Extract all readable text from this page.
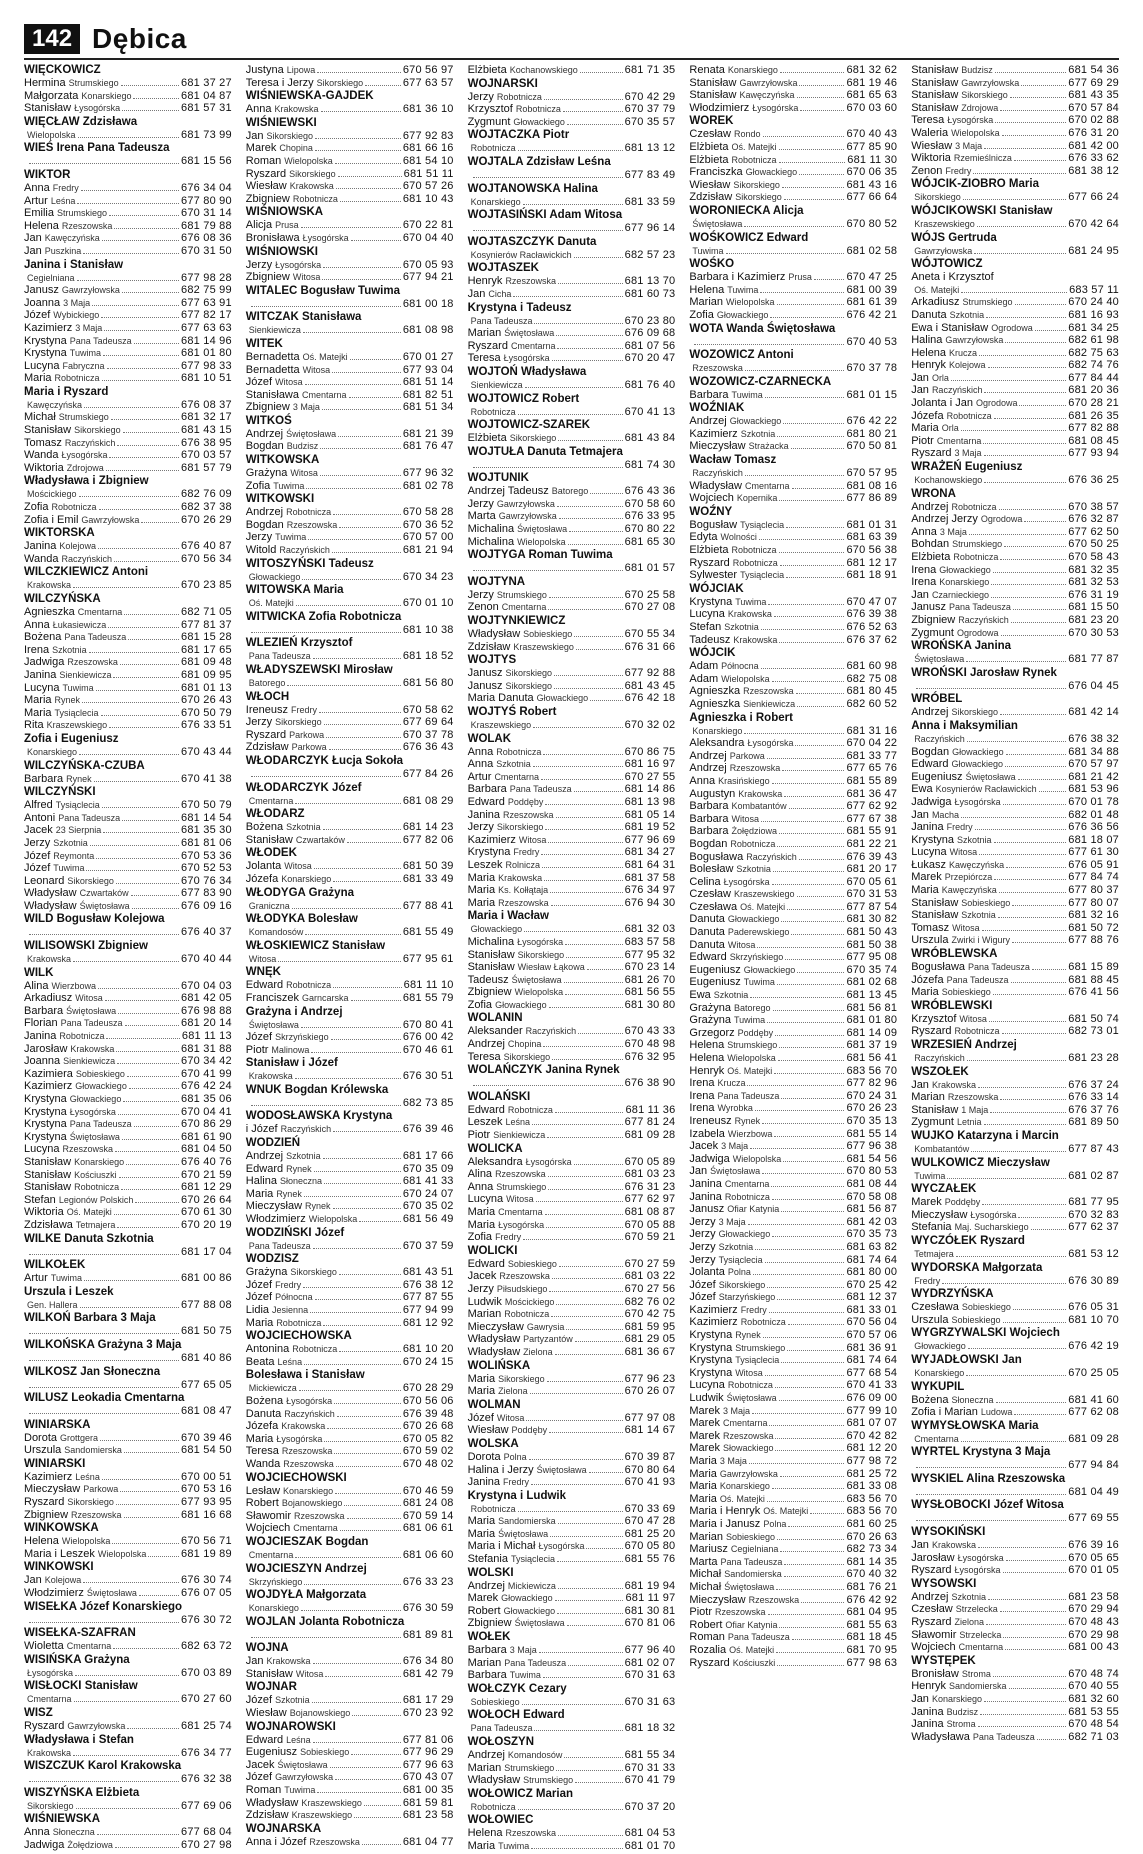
142 Dębica
WIĘCKOWICZ
Hermina Strumskiego	681 37 27
Małgorzata Konarskiego	681 04 87
Stanisław Łysogórska	681 57 31
WIĘCŁAW Zdzisława
Wielopolska	681 73 99
WIEŚ Irena Pana Tadeusza
681 15 56
WIKTOR
Anna Fredry	676 34 04
Artur Leśna	677 80 90
Emilia Strumskiego	670 31 14
Helena Rzeszowska	681 79 88
Jan Kawęczyńska	676 08 36
Jan Puszkina	670 31 50
Janina i Stanisław
Cegielniana	677 98 28
Janusz Gawrzyłowska	682 75 99
Joanna 3 Maja	677 63 91
Józef Wybickiego	677 82 17
Kazimierz 3 Maja	677 63 63
Krystyna Pana Tadeusza	681 14 96
Krystyna Tuwima	681 01 80
Lucyna Fabryczna	677 98 33
Maria Robotnicza	681 10 51
Maria i Ryszard
Kawęczyńska	676 08 37
Michał Strumskiego	681 32 17
Stanisław Sikorskiego	681 43 15
Tomasz Raczyńskich	676 38 95
Wanda Łysogórska	670 03 57
Wiktoria Zdrojowa	681 57 79
Władysława i Zbigniew
Mościckiego	682 76 09
Zofia Robotnicza	682 37 38
Zofia i Emil Gawrzyłowska	670 26 29
WIKTORSKA
Janina Kolejowa	676 40 87
Wanda Raczyńskich	670 56 34
WILCZKIEWICZ Antoni
Krakowska	670 23 85
WILCZYŃSKA
Agnieszka Cmentarna	682 71 05
Anna Łukasiewicza	677 81 37
Bożena Pana Tadeusza	681 15 28
Irena Szkotnia	681 17 65
Jadwiga Rzeszowska	681 09 48
Janina Sienkiewicza	681 09 95
Lucyna Tuwima	681 01 13
Maria Rynek	670 26 43
Maria Tysiąclecia	670 50 79
Rita Kraszewskiego	676 33 51
Zofia i Eugeniusz
Konarskiego	670 43 44
WILCZYŃSKA-CZUBA
Barbara Rynek	670 41 38
WILCZYŃSKI
Alfred Tysiąclecia	670 50 79
Antoni Pana Tadeusza	681 14 54
Jacek 23 Sierpnia	681 35 30
Jerzy Szkotnia	681 81 06
Józef Reymonta	670 53 36
Józef Tuwima	670 52 53
Leonard Sikorskiego	670 76 34
Władysław Czwartaków	677 83 90
Władysław Świętosława	676 09 16
WILD Bogusław Kolejowa
676 40 37
WILISOWSKI Zbigniew
Krakowska	670 40 44
WILK
Alina Wierzbowa	670 04 03
Arkadiusz Witosa	681 42 05
Barbara Świętosława	676 98 88
Florian Pana Tadeusza	681 20 14
Janina Robotnicza	681 11 13
Jarosław Krakowska	681 31 88
Joanna Sienkiewicza	670 34 42
Kazimiera Sobieskiego	670 41 99
Kazimierz Głowackiego	676 42 24
Krystyna Głowackiego	681 35 06
Krystyna Łysogórska	670 04 41
Krystyna Pana Tadeusza	670 86 29
Krystyna Świętosława	681 61 90
Lucyna Rzeszowska	681 04 50
Stanisław Konarskiego	676 40 76
Stanisław Kościuszki	670 21 59
Stanisław Robotnicza	681 12 29
Stefan Legionów Polskich	670 26 64
Wiktoria Oś. Matejki	670 61 30
Zdzisława Tetmajera	670 20 19
WILKE Danuta Szkotnia
681 17 04
WILKOŁEK
Artur Tuwima	681 00 86
Urszula i Leszek
Gen. Hallera	677 88 08
WILKOŃ Barbara 3 Maja
681 50 75
WILKOŃSKA Grażyna 3 Maja
681 40 86
WILKOSZ Jan Słoneczna
677 65 05
WILUSZ Leokadia Cmentarna
681 08 47
WINIARSKA
Dorota Grottgera	670 39 46
Urszula Sandomierska	681 54 50
WINIARSKI
Kazimierz Leśna	670 00 51
Mieczysław Parkowa	670 53 16
Ryszard Sikorskiego	677 93 95
Zbigniew Rzeszowska	681 16 68
WINKOWSKA
Helena Wielopolska	670 56 71
Maria i Leszek Wielopolska	681 19 89
WINKOWSKI
Jan Kolejowa	676 30 74
Włodzimierz Świętosława	676 07 05
WISEŁKA Józef Konarskiego
676 30 72
WISEŁKA-SZAFRAN
Wioletta Cmentarna	682 63 72
WISIŃSKA Grażyna
Łysogórska	670 03 89
WISŁOCKI Stanisław
Cmentarna	670 27 60
WISZ
Ryszard Gawrzyłowska	681 25 74
Władysława i Stefan
Krakowska	676 34 77
WISZCZUK Karol Krakowska
676 32 38
WISZYŃSKA Elżbieta
Sikorskiego	677 69 06
WIŚNIEWSKA
Anna Słoneczna	677 68 04
Jadwiga Żołędziowa	670 27 98
Justyna Lipowa	670 56 97
Teresa i Jerzy Sikorskiego	677 63 57
WIŚNIEWSKA-GAJDEK
Anna Krakowska	681 36 10
WIŚNIEWSKI
Jan Sikorskiego	677 92 83
Marek Chopina	681 66 16
Roman Wielopolska	681 54 10
Ryszard Sikorskiego	681 51 11
Wiesław Krakowska	670 57 26
Zbigniew Robotnicza	681 10 43
WIŚNIOWSKA
Alicja Prusa	670 22 81
Bronisława Łysogórska	670 04 40
WIŚNIOWSKI
Jerzy Łysogórska	670 05 93
Zbigniew Witosa	677 94 21
WITALEC Bogusław Tuwima
681 00 18
WITCZAK Stanisława
Sienkiewicza	681 08 98
WITEK
Bernadetta Oś. Matejki	670 01 27
Bernadetta Witosa	677 93 04
Józef Witosa	681 51 14
Stanisława Cmentarna	681 82 51
Zbigniew 3 Maja	681 51 34
WITKOŚ
Andrzej Świętosława	681 21 39
Bogdan Budzisz	681 76 47
WITKOWSKA
Grażyna Witosa	677 96 32
Zofia Tuwima	681 02 78
WITKOWSKI
Andrzej Robotnicza	670 58 28
Bogdan Rzeszowska	670 36 52
Jerzy Tuwima	670 57 00
Witold Raczyńskich	681 21 94
WITOSZYŃSKI Tadeusz
Głowackiego	670 34 23
WITOWSKA Maria
Oś. Matejki	670 01 10
WITWICKA Zofia Robotnicza
681 10 38
WLEZIEŃ Krzysztof
Pana Tadeusza	681 18 52
WŁADYSZEWSKI Mirosław
Batorego	681 56 80
WŁOCH
Ireneusz Fredry	670 58 62
Jerzy Sikorskiego	677 69 64
Ryszard Parkowa	670 37 78
Zdzisław Parkowa	676 36 43
WŁODARCZYK Łucja Sokoła
677 84 26
WŁODARCZYK Józef
Cmentarna	681 08 29
WŁODARZ
Bożena Szkotnia	681 14 23
Stanisław Czwartaków	677 82 06
WŁODEK
Jolanta Witosa	681 50 39
Józefa Konarskiego	681 33 49
WŁODYGA Grażyna
Graniczna	677 88 41
WŁODYKA Bolesław
Komandosów	681 55 49
WŁOSKIEWICZ Stanisław
Witosa	677 95 61
WNĘK
Edward Robotnicza	681 11 10
Franciszek Garncarska	681 55 79
Grażyna i Andrzej
Świętosława	670 80 41
Józef Skrzyńskiego	676 00 42
Piotr Malinowa	670 46 61
Stanisław i Józef
Krakowska	676 30 51
WNUK Bogdan Królewska
682 73 85
WODOSŁAWSKA Krystyna
i Józef Raczyńskich	676 39 46
WODZIEŃ
Andrzej Szkotnia	681 17 66
Edward Rynek	670 35 09
Halina Słoneczna	681 41 33
Maria Rynek	670 24 07
Mieczysław Rynek	670 35 02
Włodzimierz Wielopolska	681 56 49
WODZIŃSKI Józef
Pana Tadeusza	670 37 59
WODZISZ
Grażyna Sikorskiego	681 43 51
Józef Fredry	676 38 12
Józef Północna	677 87 55
Lidia Jesienna	677 94 99
Maria Robotnicza	681 12 92
WOJCIECHOWSKA
Antonina Robotnicza	681 10 20
Beata Leśna	670 24 15
Bolesława i Stanisław
Mickiewicza	670 28 29
Bożena Łysogórska	670 56 06
Danuta Raczyńskich	676 39 48
Józefa Krakowska	670 26 68
Maria Łysogórska	670 05 82
Teresa Rzeszowska	670 59 02
Wanda Rzeszowska	670 48 02
WOJCIECHOWSKI
Lesław Konarskiego	670 46 59
Robert Bojanowskiego	681 24 08
Sławomir Rzeszowska	670 59 14
Wojciech Cmentarna	681 06 61
WOJCIESZAK Bogdan
Cmentarna	681 06 60
WOJCIESZYN Andrzej
Skrzyńskiego	676 33 23
WOJDYŁA Małgorzata
Konarskiego	676 30 59
WOJLAN Jolanta Robotnicza
681 89 81
WOJNA
Jan Krakowska	676 34 80
Stanisław Witosa	681 42 79
WOJNAR
Józef Szkotnia	681 17 29
Wiesław Bojanowskiego	670 23 92
WOJNAROWSKI
Edward Leśna	677 81 06
Eugeniusz Sobieskiego	677 96 29
Jacek Świętosława	677 96 63
Józef Gawrzyłowska	670 43 07
Roman Tuwima	681 00 35
Władysław Kraszewskiego	681 59 81
Zdzisław Kraszewskiego	681 23 58
WOJNARSKA
Anna i Józef Rzeszowska	681 04 77
Elżbieta Kochanowskiego	681 71 35
WOJNARSKI
Jerzy Robotnicza	670 42 29
Krzysztof Robotnicza	670 37 79
Zygmunt Głowackiego	670 35 57
WOJTACZKA Piotr
Robotnicza	681 13 12
WOJTALA Zdzisław Leśna
677 83 49
WOJTANOWSKA Halina
Konarskiego	681 33 59
WOJTASIŃSKI Adam Witosa
677 96 14
WOJTASZCZYK Danuta
Kosynierów Racławickich	682 57 23
WOJTASZEK
Henryk Rzeszowska	681 13 70
Jan Cicha	681 60 73
Krystyna i Tadeusz
Pana Tadeusza	670 23 80
Marian Świętosława	676 09 68
Ryszard Cmentarna	681 07 56
Teresa Łysogórska	670 20 47
WOJTOŃ Władysława
Sienkiewicza	681 76 40
WOJTOWICZ Robert
Robotnicza	670 41 13
WOJTOWICZ-SZAREK
Elżbieta Sikorskiego	681 43 84
WOJTUŁA Danuta Tetmajera
681 74 30
WOJTUNIK
Andrzej Tadeusz Batorego	676 43 36
Jerzy Gawrzyłowska	670 58 60
Marta Gawrzyłowska	676 33 95
Michalina Świętosława	670 80 22
Michalina Wielopolska	681 65 30
WOJTYGA Roman Tuwima
681 01 57
WOJTYNA
Jerzy Strumskiego	670 25 58
Zenon Cmentarna	670 27 08
WOJTYNKIEWICZ
Władysław Sobieskiego	670 55 34
Zdzisław Kraszewskiego	676 31 66
WOJTYS
Janusz Sikorskiego	677 92 88
Janusz Sikorskiego	681 43 45
Maria Danuta Głowackiego	676 42 18
WOJTYŚ Robert
Kraszewskiego	670 32 02
WOLAK
Anna Robotnicza	670 86 75
Anna Szkotnia	681 16 97
Artur Cmentarna	670 27 55
Barbara Pana Tadeusza	681 14 86
Edward Poddęby	681 13 98
Janina Rzeszowska	681 05 14
Jerzy Sikorskiego	681 19 52
Kazimierz Witosa	677 96 69
Krystyna Fredry	681 34 27
Leszek Rolnicza	681 64 31
Maria Krakowska	681 37 58
Maria Ks. Kołłątaja	676 34 97
Maria Rzeszowska	676 94 30
Maria i Wacław
Głowackiego	681 32 03
Michalina Łysogórska	683 57 58
Stanisław Sikorskiego	677 95 32
Stanisław Wiesław Łąkowa	670 23 14
Tadeusz Świętosława	681 26 70
Zbigniew Wielopolska	681 56 55
Zofia Głowackiego	681 30 80
WOLANIN
Aleksander Raczyńskich	670 43 33
Andrzej Chopina	670 48 98
Teresa Sikorskiego	676 32 95
WOLAŃCZYK Janina Rynek
676 38 90
WOLAŃSKI
Edward Robotnicza	681 11 36
Leszek Leśna	677 81 24
Piotr Sienkiewicza	681 09 28
WOLICKA
Aleksandra Łysogórska	670 05 89
Alina Rzeszowska	681 03 23
Anna Strumskiego	676 31 23
Lucyna Witosa	677 62 97
Maria Cmentarna	681 08 87
Maria Łysogórska	670 05 88
Zofia Fredry	670 59 21
WOLICKI
Edward Sobieskiego	670 27 59
Jacek Rzeszowska	681 03 22
Jerzy Piłsudskiego	670 27 56
Ludwik Mościckiego	682 76 02
Marian Robotnicza	670 42 75
Mieczysław Gawrysia	681 59 95
Władysław Partyzantów	681 29 05
Władysław Zielona	681 36 67
WOLIŃSKA
Maria Sikorskiego	677 96 23
Maria Zielona	670 26 07
WOLMAN
Józef Witosa	677 97 08
Wiesław Poddęby	681 14 67
WOLSKA
Dorota Polna	670 39 87
Halina i Jerzy Świętosława	670 80 64
Janina Fredry	670 41 93
Krystyna i Ludwik
Robotnicza	670 33 69
Maria Sandomierska	670 47 28
Maria Świętosława	681 25 20
Maria i Michał Łysogórska	670 05 80
Stefania Tysiąclecia	681 55 76
WOLSKI
Andrzej Mickiewicza	681 19 94
Marek Głowackiego	681 11 97
Robert Głowackiego	681 30 81
Zbigniew Świętosława	670 81 06
WOŁEK
Barbara 3 Maja	677 96 40
Marian Pana Tadeusza	681 02 07
Barbara Tuwima	670 31 63
WOŁCZYK Cezary
Sobieskiego	670 31 63
WOŁOCH Edward
Pana Tadeusza	681 18 32
WOŁOSZYN
Andrzej Komandosów	681 55 34
Marian Strumskiego	670 31 33
Władysław Strumskiego	670 41 79
WOŁOWICZ Marian
Robotnicza	670 37 20
WOŁOWIEC
Helena Rzeszowska	681 04 53
Maria Tuwima	681 01 70
Renata Konarskiego	681 32 62
Stanisław Gawrzyłowska	681 19 46
Stanisław Kawęczyńska	681 65 63
Włodzimierz Łysogórska	670 03 60
WOREK
Czesław Rondo	670 40 43
Elżbieta Oś. Matejki	677 85 90
Elżbieta Robotnicza	681 11 30
Franciszka Głowackiego	670 06 35
Wiesław Sikorskiego	681 43 16
Zdzisław Sikorskiego	677 66 64
WORONIECKA Alicja
Świętosława	670 80 52
WOŚKOWICZ Edward
Tuwima	681 02 58
WOŚKO
Barbara i Kazimierz Prusa	670 47 25
Helena Tuwima	681 00 39
Marian Wielopolska	681 61 39
Zofia Głowackiego	676 42 21
WOTA Wanda Świętosława
670 40 53
WOZOWICZ Antoni
Rzeszowska	670 37 78
WOZOWICZ-CZARNECKA
Barbara Tuwima	681 01 15
WOŹNIAK
Andrzej Głowackiego	676 42 22
Kazimierz Szkotnia	681 80 21
Mieczysław Strażacka	670 50 81
Wacław Tomasz
Raczyńskich	670 57 95
Władysław Cmentarna	681 08 16
Wojciech Kopernika	677 86 89
WOŹNY
Bogusław Tysiąclecia	681 01 31
Edyta Wolności	681 63 39
Elżbieta Robotnicza	670 56 38
Ryszard Robotnicza	681 12 17
Sylwester Tysiąclecia	681 18 91
WÓJCIAK
Krystyna Tuwima	670 47 07
Lucyna Krakowska	676 39 38
Stefan Szkotnia	676 52 63
Tadeusz Krakowska	676 37 62
WÓJCIK
Adam Północna	681 60 98
Adam Wielopolska	682 75 08
Agnieszka Rzeszowska	681 80 45
Agnieszka Sienkiewicza	682 60 52
Agnieszka i Robert
Konarskiego	681 31 16
Aleksandra Łysogórska	670 04 22
Andrzej Parkowa	681 33 77
Andrzej Rzeszowska	677 65 76
Anna Krasińskiego	681 55 89
Augustyn Krakowska	681 36 47
Barbara Kombatantów	677 62 92
Barbara Witosa	677 67 38
Barbara Żołędziowa	681 55 91
Bogdan Robotnicza	681 22 21
Bogusława Raczyńskich	676 39 43
Bolesław Szkotnia	681 20 17
Celina Łysogórska	670 05 61
Czesław Kraszewskiego	670 31 53
Czesława Oś. Matejki	677 87 54
Danuta Głowackiego	681 30 82
Danuta Paderewskiego	681 50 43
Danuta Witosa	681 50 38
Edward Skrzyńskiego	677 95 08
Eugeniusz Głowackiego	670 35 74
Eugeniusz Tuwima	681 02 68
Ewa Szkotnia	681 13 45
Grażyna Batorego	681 56 81
Grażyna Tuwima	681 01 80
Grzegorz Poddęby	681 14 09
Helena Strumskiego	681 37 19
Helena Wielopolska	681 56 41
Henryk Oś. Matejki	683 56 70
Irena Krucza	677 82 96
Irena Pana Tadeusza	670 24 31
Irena Wyrobka	670 26 23
Ireneusz Rynek	670 35 13
Izabela Wierzbowa	681 55 14
Jacek 3 Maja	677 96 38
Jadwiga Wielopolska	681 54 56
Jan Świętosława	670 80 53
Janina Cmentarna	681 08 44
Janina Robotnicza	670 58 08
Janusz Ofiar Katynia	681 56 87
Jerzy 3 Maja	681 42 03
Jerzy Głowackiego	670 35 73
Jerzy Szkotnia	681 63 82
Jerzy Tysiąclecia	681 74 64
Jolanta Polna	681 80 00
Józef Sikorskiego	670 25 42
Józef Starzyńskiego	681 12 37
Kazimierz Fredry	681 33 01
Kazimierz Robotnicza	670 56 04
Krystyna Rynek	670 57 06
Krystyna Strumskiego	681 36 91
Krystyna Tysiąclecia	681 74 64
Krystyna Witosa	677 68 54
Lucyna Robotnicza	670 41 33
Ludwik Świętosława	676 09 00
Marek 3 Maja	677 99 10
Marek Cmentarna	681 07 07
Marek Rzeszowska	670 42 82
Marek Słowackiego	681 12 20
Maria 3 Maja	677 98 72
Maria Gawrzyłowska	681 25 72
Maria Konarskiego	681 33 08
Maria Oś. Matejki	683 56 70
Maria i Henryk Oś. Matejki	683 56 70
Maria i Janusz Polna	681 60 25
Marian Sobieskiego	670 26 63
Mariusz Cegielniana	682 73 34
Marta Pana Tadeusza	681 14 35
Michał Sandomierska	670 40 32
Michał Świętosława	681 76 21
Mieczysław Rzeszowska	676 42 92
Piotr Rzeszowska	681 04 95
Robert Ofiar Katynia	681 55 63
Roman Pana Tadeusza	681 18 45
Rozalia Oś. Matejki	681 70 95
Ryszard Kościuszki	677 98 63
Stanisław Budzisz	681 54 36
Stanisław Gawrzyłowska	677 69 29
Stanisław Sikorskiego	681 43 35
Stanisław Zdrojowa	670 57 84
Teresa Łysogórska	670 02 88
Waleria Wielopolska	676 31 20
Wiesław 3 Maja	681 42 00
Wiktoria Rzemieślnicza	676 33 62
Zenon Fredry	681 38 12
WÓJCIK-ZIOBRO Maria
Sikorskiego	677 66 24
WÓJCIKOWSKI Stanisław
Kraszewskiego	670 42 64
WÓJS Gertruda
Gawrzyłowska	681 24 95
WÓJTOWICZ
Aneta i Krzysztof
Oś. Matejki	683 57 11
Arkadiusz Strumskiego	670 24 40
Danuta Szkotnia	681 16 93
Ewa i Stanisław Ogrodowa	681 34 25
Halina Gawrzyłowska	682 61 98
Helena Krucza	682 75 63
Henryk Kolejowa	682 74 76
Jan Orla	677 84 44
Jan Raczyńskich	681 20 36
Jolanta i Jan Ogrodowa	670 28 21
Józefa Robotnicza	681 26 35
Maria Orla	677 82 88
Piotr Cmentarna	681 08 45
Ryszard 3 Maja	677 93 94
WRAŻEŃ Eugeniusz
Kochanowskiego	676 36 25
WRONA
Andrzej Robotnicza	670 38 57
Andrzej Jerzy Ogrodowa	676 32 87
Anna 3 Maja	677 62 50
Bohdan Strumskiego	670 50 25
Elżbieta Robotnicza	670 58 43
Irena Głowackiego	681 32 35
Irena Konarskiego	681 32 53
Jan Czarnieckiego	676 31 19
Janusz Pana Tadeusza	681 15 50
Zbigniew Raczyńskich	681 23 20
Zygmunt Ogrodowa	670 30 53
WROŃSKA Janina
Świętosława	681 77 87
WROŃSKI Jarosław Rynek
676 04 45
WRÓBEL
Andrzej Sikorskiego	681 42 14
Anna i Maksymilian
Raczyńskich	676 38 32
Bogdan Głowackiego	681 34 88
Edward Głowackiego	670 57 97
Eugeniusz Świętosława	681 21 42
Ewa Kosynierów Racławickich	681 53 96
Jadwiga Łysogórska	670 01 78
Jan Macha	682 01 48
Janina Fredry	676 36 56
Krystyna Szkotnia	681 18 07
Lucyna Witosa	677 61 30
Łukasz Kawęczyńska	676 05 91
Marek Przepiórcza	677 84 74
Maria Kawęczyńska	677 80 37
Stanisław Sobieskiego	677 80 07
Stanisław Szkotnia	681 32 16
Tomasz Witosa	681 50 72
Urszula Zwirki i Wigury	677 88 76
WRÓBLEWSKA
Bogusława Pana Tadeusza	681 15 89
Józefa Pana Tadeusza	681 88 45
Maria Sobieskiego	676 41 56
WRÓBLEWSKI
Krzysztof Witosa	681 50 74
Ryszard Robotnicza	682 73 01
WRZESIEŃ Andrzej
Raczyńskich	681 23 28
WSZOŁEK
Jan Krakowska	676 37 24
Marian Rzeszowska	676 33 14
Stanisław 1 Maja	676 37 76
Zygmunt Letnia	681 89 50
WUJKO Katarzyna i Marcin
Kombatantów	677 87 43
WULKOWICZ Mieczysław
Tuwima	681 02 87
WYCZAŁEK
Marek Poddęby	681 77 95
Mieczysław Łysogórska	670 32 83
Stefania Maj. Sucharskiego	677 62 37
WYCZÓŁEK Ryszard
Tetmajera	681 53 12
WYDORSKA Małgorzata
Fredry	676 30 89
WYDRZYŃSKA
Czesława Sobieskiego	676 05 31
Urszula Sobieskiego	681 10 70
WYGRZYWALSKI Wojciech
Głowackiego	676 42 19
WYJADŁOWSKI Jan
Konarskiego	670 25 05
WYKUPIL
Bożena Słoneczna	681 41 60
Zofia i Marian Ludowa	677 62 08
WYMYSŁOWSKA Maria
Cmentarna	681 09 28
WYRTEL Krystyna 3 Maja
677 94 84
WYSKIEL Alina Rzeszowska
681 04 49
WYSŁOBOCKI Józef Witosa
677 69 55
WYSOKIŃSKI
Jan Krakowska	676 39 16
Jarosław Łysogórska	670 05 65
Ryszard Łysogórska	670 01 05
WYSOWSKI
Andrzej Szkotnia	681 23 58
Czesław Strzelecka	670 29 94
Ryszard Zielona	670 48 43
Sławomir Strzelecka	670 29 98
Wojciech Cmentarna	681 00 43
WYSTĘPEK
Bronisław Stroma	670 48 74
Henryk Sandomierska	670 40 55
Jan Konarskiego	681 32 60
Janina Budzisz	681 53 55
Janina Stroma	670 48 54
Władysława Pana Tadeusza	682 71 03
